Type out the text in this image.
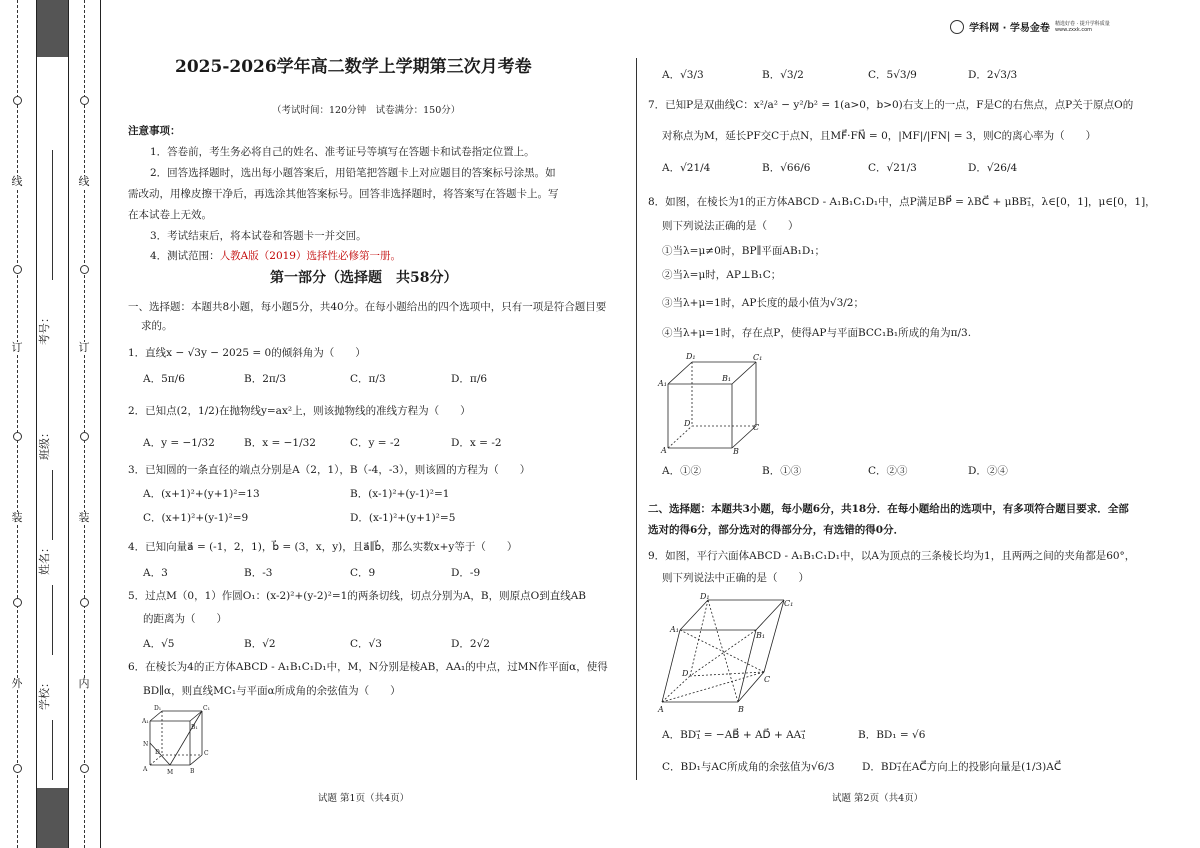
线
订
装
外
线
订
装
内
学校：
姓名：
班级：
考号：
学科网 · 学易金卷 精选好卷 · 提升学科质量
www.zxxk.com
2025-2026学年高二数学上学期第三次月考卷
（考试时间：120分钟　试卷满分：150分）
注意事项：
1．答卷前，考生务必将自己的姓名、准考证号等填写在答题卡和试卷指定位置上。
2．回答选择题时，选出每小题答案后，用铅笔把答题卡上对应题目的答案标号涂黑。如
需改动，用橡皮擦干净后，再选涂其他答案标号。回答非选择题时，将答案写在答题卡上。写
在本试卷上无效。
3．考试结束后，将本试卷和答题卡一并交回。
4．测试范围：人教A版（2019）选择性必修第一册。
第一部分（选择题　共58分）
一、选择题：本题共8小题，每小题5分，共40分。在每小题给出的四个选项中，只有一项是符合题目要
求的。
1．直线x − √3y − 2025 = 0的倾斜角为（　　）
A．5π/6	B．2π/3	C．π/3	D．π/6
2．已知点(2，1/2)在抛物线y=ax²上，则该抛物线的准线方程为（　　）
A．y = −1/32	B．x = −1/32	C．y = -2	D．x = -2
3．已知圆的一条直径的端点分别是A（2，1），B（-4，-3），则该圆的方程为（　　）
A．(x+1)²+(y+1)²=13	B．(x-1)²+(y-1)²=1
C．(x+1)²+(y-1)²=9	D．(x-1)²+(y+1)²=5
4．已知向量a⃗ = (-1，2，1)，b⃗ = (3，x，y)，且a⃗∥b⃗，那么实数x+y等于（　　）
A．3	B．-3	C．9	D．-9
5．过点M（0，1）作圆O₁：(x-2)²+(y-2)²=1的两条切线，切点分别为A，B，则原点O到直线AB
的距离为（　　）
A．√5	B．√2	C．√3	D．2√2
6．在棱长为4的正方体ABCD - A₁B₁C₁D₁中，M，N分别是棱AB，AA₁的中点，过MN作平面α，使得
BD∥α，则直线MC₁与平面α所成角的余弦值为（　　）
A₁
D₁	C₁
B₁
N
D	C
A	M	B
试题 第1页（共4页）
A．√3/3	B．√3/2	C．5√3/9	D．2√3/3
7．已知P是双曲线C：x²/a² − y²/b² = 1(a>0，b>0)右支上的一点，F是C的右焦点，点P关于原点O的
对称点为M，延长PF交C于点N，且MF⃗·FN⃗ = 0，|MF|/|FN| = 3，则C的离心率为（　　）
A．√21/4	B．√66/6	C．√21/3	D．√26/4
8．如图，在棱长为1的正方体ABCD - A₁B₁C₁D₁中，点P满足BP⃗ = λBC⃗ + μBB₁⃗，λ∈[0，1]，μ∈[0，1]，
则下列说法正确的是（　　）
①当λ=μ≠0时，BP∥平面AB₁D₁；
②当λ=μ时，AP⊥B₁C；
③当λ+μ=1时，AP长度的最小值为√3/2；
④当λ+μ=1时，存在点P，使得AP与平面BCC₁B₁所成的角为π/3.
D₁	C₁
A₁
B₁
D	C
A	B
A．①②	B．①③	C．②③	D．②④
二、选择题：本题共3小题，每小题6分，共18分．在每小题给出的选项中，有多项符合题目要求．全部
选对的得6分，部分选对的得部分分，有选错的得0分．
9．如图，平行六面体ABCD - A₁B₁C₁D₁中，以A为顶点的三条棱长均为1，且两两之间的夹角都是60°，
则下列说法中正确的是（　　）
D₁
C₁
A₁
B₁
D
C
A	B
A．BD₁⃗ = −AB⃗ + AD⃗ + AA₁⃗	B．BD₁ = √6
C．BD₁与AC所成角的余弦值为√6/3	D．BD₁⃗在AC⃗方向上的投影向量是(1/3)AC⃗
试题 第2页（共4页）
